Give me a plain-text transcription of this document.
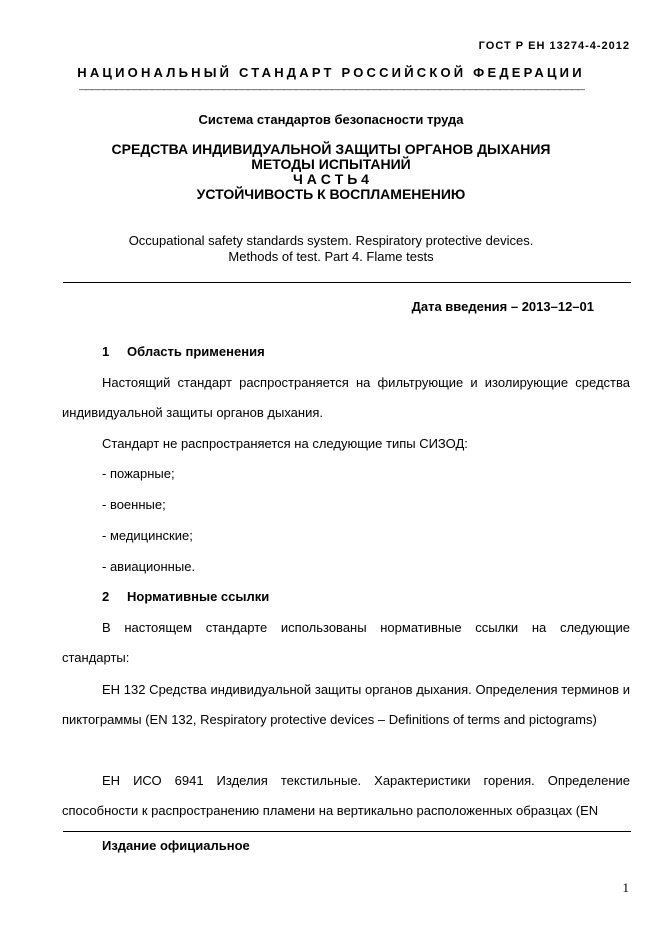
ГОСТ Р ЕН 13274-4-2012
НАЦИОНАЛЬНЫЙ СТАНДАРТ РОССИЙСКОЙ ФЕДЕРАЦИИ
————————————————————————————————————————————————————————————————————————————————————
Система стандартов безопасности труда
СРЕДСТВА ИНДИВИДУАЛЬНОЙ ЗАЩИТЫ ОРГАНОВ ДЫХАНИЯ
МЕТОДЫ ИСПЫТАНИЙ
Ч А С Т Ь 4
УСТОЙЧИВОСТЬ К ВОСПЛАМЕНЕНИЮ
Occupational safety standards system. Respiratory protective devices.
Methods of test. Part 4. Flame tests
Дата введения – 2013–12–01
1 Область применения
Настоящий стандарт распространяется на фильтрующие и изолирующие средства индивидуальной защиты органов дыхания.
Стандарт не распространяется на следующие типы СИЗОД:
- пожарные;
- военные;
- медицинские;
- авиационные.
2 Нормативные ссылки
В настоящем стандарте использованы нормативные ссылки на следующие стандарты:
ЕН 132 Средства индивидуальной защиты органов дыхания. Определения терминов и пиктограммы (EN 132, Respiratory protective devices – Definitions of terms and pictograms)
ЕН ИСО 6941 Изделия текстильные. Характеристики горения. Определение способности к распространению пламени на вертикально расположенных образцах (EN
Издание официальное
1
